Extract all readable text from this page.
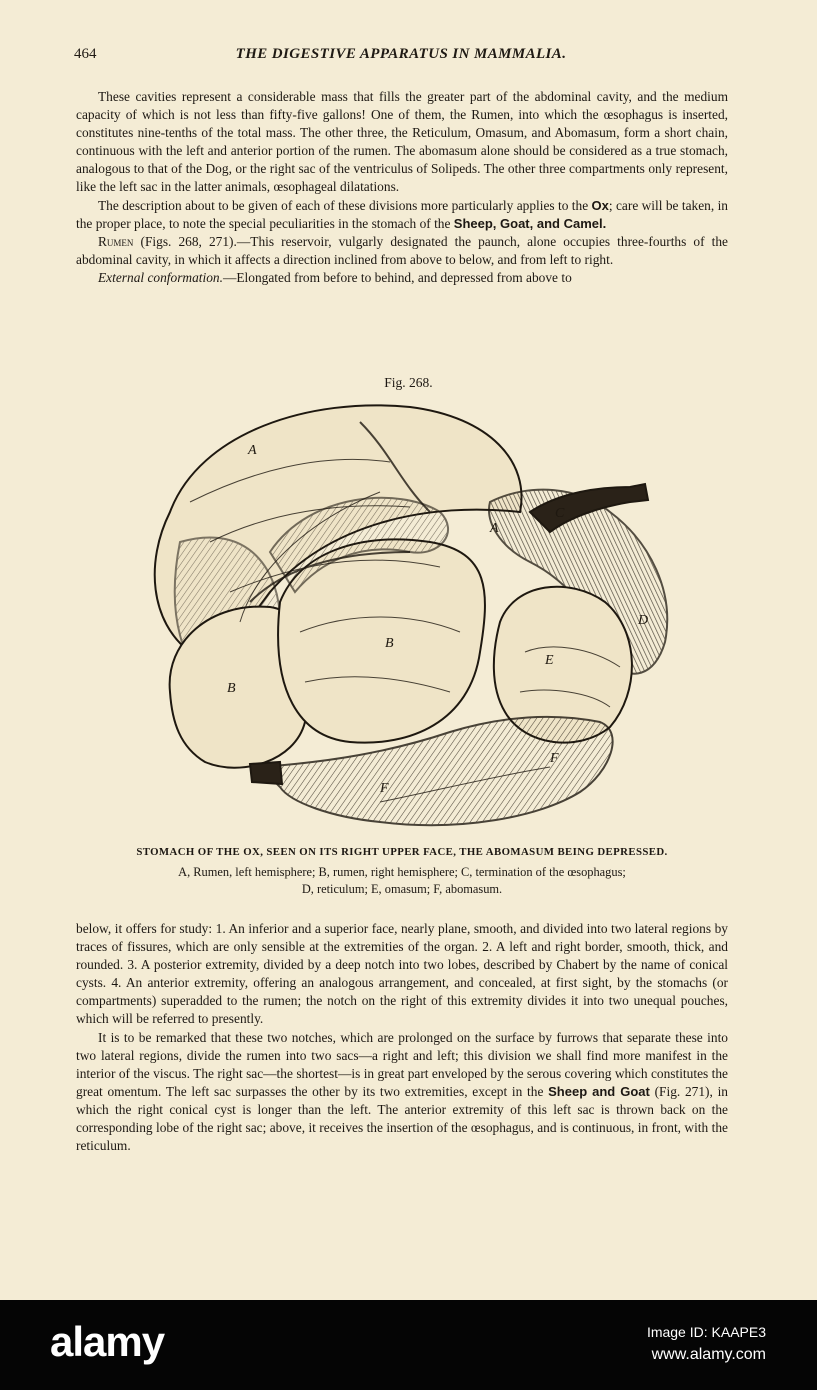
464	THE DIGESTIVE APPARATUS IN MAMMALIA.

These cavities represent a considerable mass that fills the greater part of the abdominal cavity, and the medium capacity of which is not less than fifty-five gallons! One of them, the Rumen, into which the œsophagus is inserted, constitutes nine-tenths of the total mass. The other three, the Reticulum, Omasum, and Abomasum, form a short chain, continuous with the left and anterior portion of the rumen. The abomasum alone should be considered as a true stomach, analogous to that of the Dog, or the right sac of the ventriculus of Solipeds. The other three compartments only represent, like the left sac in the latter animals, œsophageal dilatations.

The description about to be given of each of these divisions more particularly applies to the Ox; care will be taken, in the proper place, to note the special peculiarities in the stomach of the Sheep, Goat, and Camel.

Rumen (Figs. 268, 271).—This reservoir, vulgarly designated the paunch, alone occupies three-fourths of the abdominal cavity, in which it affects a direction inclined from above to below, and from left to right.

External conformation.—Elongated from before to behind, and depressed from above to

Fig. 268.
A
A
C
B
B
D
E
F
F
STOMACH OF THE OX, SEEN ON ITS RIGHT UPPER FACE, THE ABOMASUM BEING DEPRESSED.
A, Rumen, left hemisphere; B, rumen, right hemisphere; C, termination of the œsophagus;
D, reticulum; E, omasum; F, abomasum.

below, it offers for study: 1. An inferior and a superior face, nearly plane, smooth, and divided into two lateral regions by traces of fissures, which are only sensible at the extremities of the organ. 2. A left and right border, smooth, thick, and rounded. 3. A posterior extremity, divided by a deep notch into two lobes, described by Chabert by the name of conical cysts. 4. An anterior extremity, offering an analogous arrangement, and concealed, at first sight, by the stomachs (or compartments) superadded to the rumen; the notch on the right of this extremity divides it into two unequal pouches, which will be referred to presently.

It is to be remarked that these two notches, which are prolonged on the surface by furrows that separate these into two lateral regions, divide the rumen into two sacs—a right and left; this division we shall find more manifest in the interior of the viscus. The right sac—the shortest—is in great part enveloped by the serous covering which constitutes the great omentum. The left sac surpasses the other by its two extremities, except in the Sheep and Goat (Fig. 271), in which the right conical cyst is longer than the left. The anterior extremity of this left sac is thrown back on the corresponding lobe of the right sac; above, it receives the insertion of the œsophagus, and is continuous, in front, with the reticulum.

alamy	Image ID: KAAPE3
www.alamy.com
